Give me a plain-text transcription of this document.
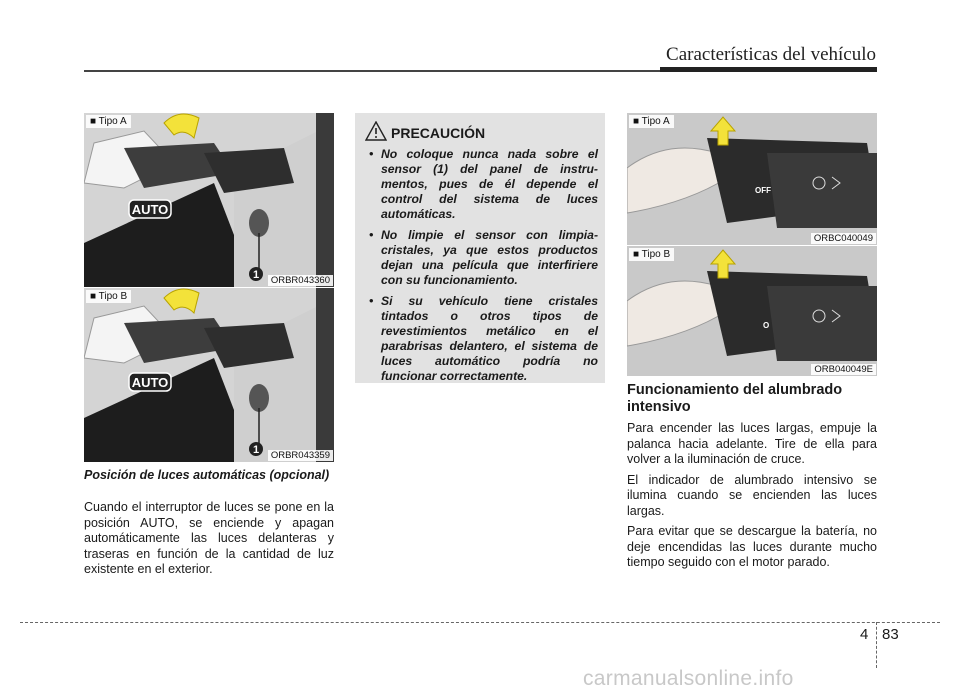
Características del vehículo
AUTO
1
■ Tipo A
ORBR043360
AUTO
1
■ Tipo B
ORBR043359
Posición de luces automáticas (opcional)

Cuando el interruptor de luces se pone en la posición AUTO, se enciende y apagan automáticamente las luces delanteras y traseras en función de la cantidad de luz existente en el exterior.

PRECAUCIÓN
• No coloque nunca nada sobre el sensor (1) del panel de instru-mentos, pues de él depende el control del sistema de luces automáticas.
• No limpie el sensor con limpia-cristales, ya que estos productos dejan una película que interfiriere con su funcionamiento.
• Si su vehículo tiene cristales tintados o otros tipos de revestimientos metálico en el parabrisas delantero, el sistema de luces automático podría no funcionar correctamente.
OFF
■ Tipo A
ORBC040049
O
■ Tipo B
ORB040049E
Funcionamiento del alumbrado intensivo

Para encender las luces largas, empuje la palanca hacia adelante. Tire de ella para volver a la iluminación de cruce.

El indicador de alumbrado intensivo se ilumina cuando se encienden las luces largas.

Para evitar que se descargue la batería, no deje encendidas las luces durante mucho tiempo seguido con el motor parado.

4 83
carmanualsonline.info
